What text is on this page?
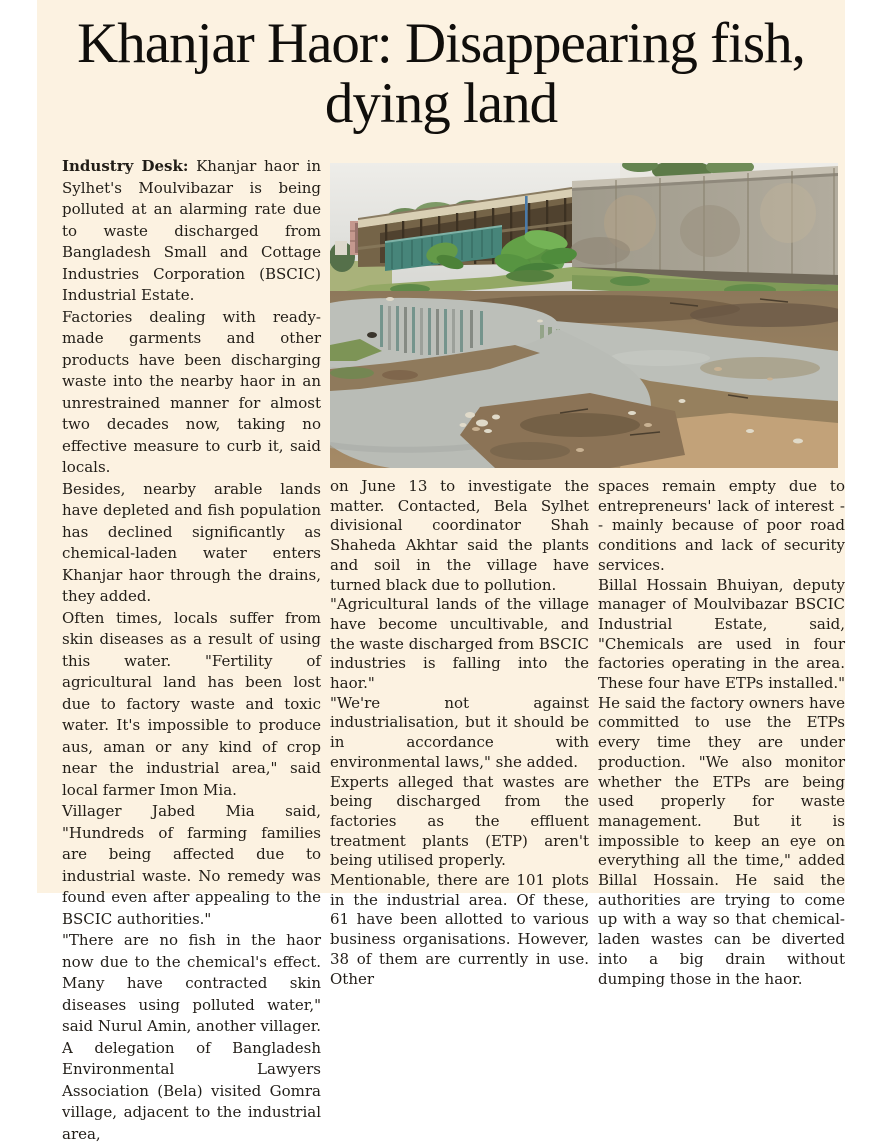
Khanjar Haor: Disappearing fish, dying land

Industry Desk: Khanjar haor in Sylhet's Moulvibazar is being polluted at an alarming rate due to waste discharged from Bangladesh Small and Cottage Industries Corporation (BSCIC) Industrial Estate.

Factories dealing with ready-made garments and other products have been discharging waste into the nearby haor in an unrestrained manner for almost two decades now, taking no effective measure to curb it, said locals.

Besides, nearby arable lands have depleted and fish population has declined significantly as chemical-laden water enters Khanjar haor through the drains, they added.

Often times, locals suffer from skin diseases as a result of using this water. "Fertility of agricultural land has been lost due to factory waste and toxic water. It's impossible to produce aus, aman or any kind of crop near the industrial area," said local farmer Imon Mia.

Villager Jabed Mia said, "Hundreds of farming families are being affected due to industrial waste. No remedy was found even after appealing to the BSCIC authorities."

"There are no fish in the haor now due to the chemical's effect. Many have contracted skin diseases using polluted water," said Nurul Amin, another villager. A delegation of Bangladesh Environmental Lawyers Association (Bela) visited Gomra village, adjacent to the industrial area,

on June 13 to investigate the matter. Contacted, Bela Sylhet divisional coordinator Shah Shaheda Akhtar said the plants and soil in the village have turned black due to pollution.

"Agricultural lands of the village have become uncultivable, and the waste discharged from BSCIC industries is falling into the haor."

"We're not against industrialisation, but it should be in accordance with environmental laws," she added.

Experts alleged that wastes are being discharged from the factories as the effluent treatment plants (ETP) aren't being utilised properly.

Mentionable, there are 101 plots in the industrial area. Of these, 61 have been allotted to various business organisations. However, 38 of them are currently in use. Other

spaces remain empty due to entrepreneurs' lack of interest -- mainly because of poor road conditions and lack of security services.

Billal Hossain Bhuiyan, deputy manager of Moulvibazar BSCIC Industrial Estate, said, "Chemicals are used in four factories operating in the area. These four have ETPs installed." He said the factory owners have committed to use the ETPs every time they are under production. "We also monitor whether the ETPs are being used properly for waste management. But it is impossible to keep an eye on everything all the time," added Billal Hossain. He said the authorities are trying to come up with a way so that chemical-laden wastes can be diverted into a big drain without dumping those in the haor.
